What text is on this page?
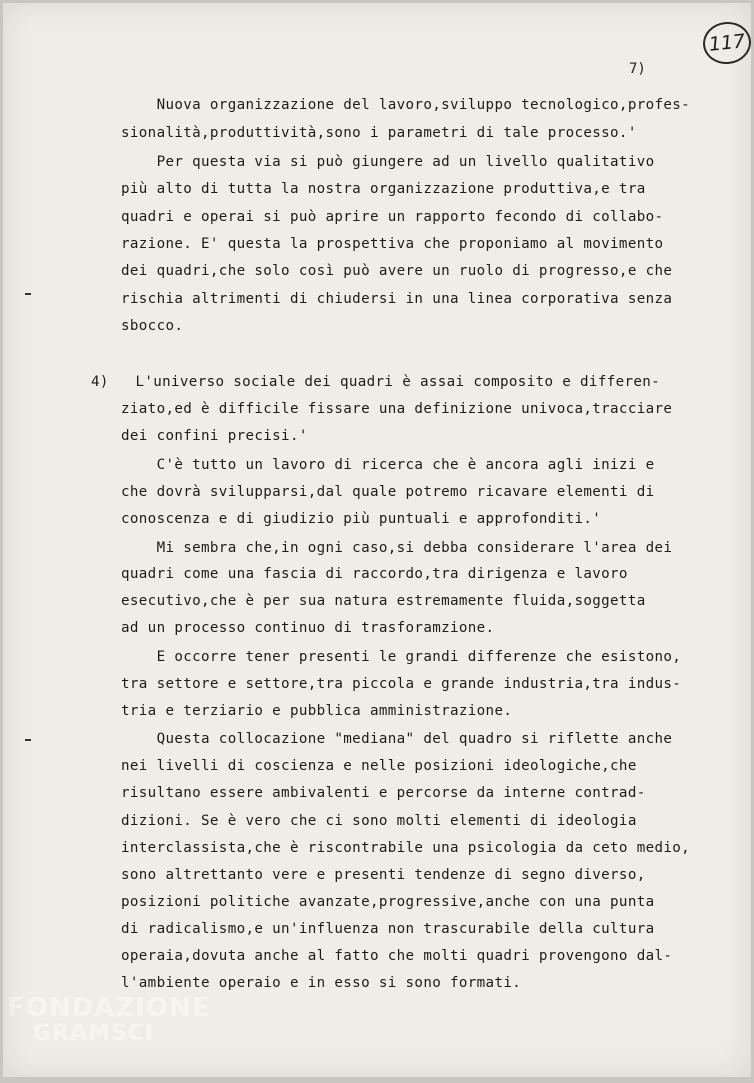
117
7)
Nuova organizzazione del lavoro,sviluppo tecnologico,profes-
sionalità,produttività,sono i parametri di tale processo.'
Per questa via si può giungere ad un livello qualitativo
più alto di tutta la nostra organizzazione produttiva,e tra
quadri e operai si può aprire un rapporto fecondo di collabo-
razione. E' questa la prospettiva che proponiamo al movimento
dei quadri,che solo così può avere un ruolo di progresso,e che
rischia altrimenti di chiudersi in una linea corporativa senza
sbocco.
4)   L'universo sociale dei quadri è assai composito e differen-
ziato,ed è difficile fissare una definizione univoca,tracciare
dei confini precisi.'
C'è tutto un lavoro di ricerca che è ancora agli inizi e
che dovrà svilupparsi,dal quale potremo ricavare elementi di
conoscenza e di giudizio più puntuali e approfonditi.'
Mi sembra che,in ogni caso,si debba considerare l'area dei
quadri come una fascia di raccordo,tra dirigenza e lavoro
esecutivo,che è per sua natura estremamente fluida,soggetta
ad un processo continuo di trasforamzione.
E occorre tener presenti le grandi differenze che esistono,
tra settore e settore,tra piccola e grande industria,tra indus-
tria e terziario e pubblica amministrazione.
Questa collocazione "mediana" del quadro si riflette anche
nei livelli di coscienza e nelle posizioni ideologiche,che
risultano essere ambivalenti e percorse da interne contrad-
dizioni. Se è vero che ci sono molti elementi di ideologia
interclassista,che è riscontrabile una psicologia da ceto medio,
sono altrettanto vere e presenti tendenze di segno diverso,
posizioni politiche avanzate,progressive,anche con una punta
di radicalismo,e un'influenza non trascurabile della cultura
operaia,dovuta anche al fatto che molti quadri provengono dal-
l'ambiente operaio e in esso si sono formati.
FONDAZIONE
GRAMSCI
